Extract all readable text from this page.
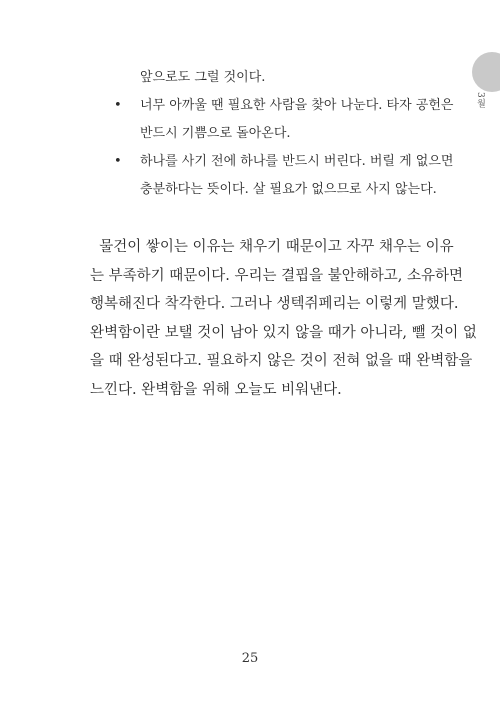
3월
앞으로도 그럴 것이다.
• 너무 아까울 땐 필요한 사람을 찾아 나눈다. 타자 공헌은
반드시 기쁨으로 돌아온다.
• 하나를 사기 전에 하나를 반드시 버린다. 버릴 게 없으면
충분하다는 뜻이다. 살 필요가 없으므로 사지 않는다.
물건이 쌓이는 이유는 채우기 때문이고 자꾸 채우는 이유
는 부족하기 때문이다. 우리는 결핍을 불안해하고, 소유하면
행복해진다 착각한다. 그러나 생텍쥐페리는 이렇게 말했다.
완벽함이란 보탤 것이 남아 있지 않을 때가 아니라, 뺄 것이 없
을 때 완성된다고. 필요하지 않은 것이 전혀 없을 때 완벽함을
느낀다. 완벽함을 위해 오늘도 비워낸다.
25
